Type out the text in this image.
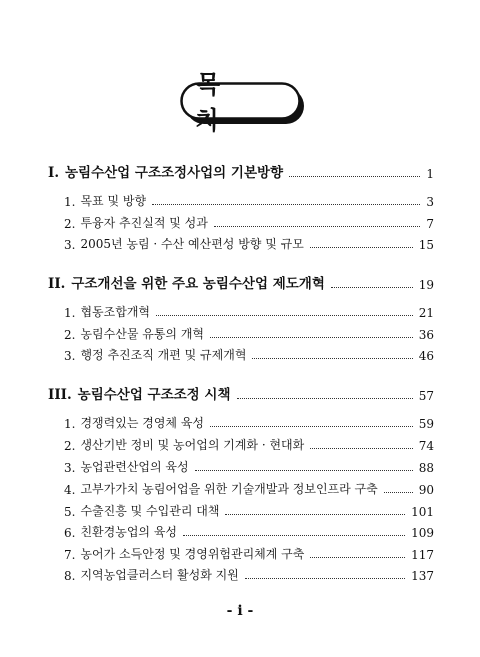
목 차
I. 농림수산업 구조조정사업의 기본방향	1
1. 목표 및 방향	3
2. 투융자 추진실적 및 성과	7
3. 2005년 농림 · 수산 예산편성 방향 및 규모	15
II. 구조개선을 위한 주요 농림수산업 제도개혁	19
1. 협동조합개혁	21
2. 농림수산물 유통의 개혁	36
3. 행정 추진조직 개편 및 규제개혁	46
III. 농림수산업 구조조정 시책	57
1. 경쟁력있는 경영체 육성	59
2. 생산기반 정비 및 농어업의 기계화 · 현대화	74
3. 농업관련산업의 육성	88
4. 고부가가치 농림어업을 위한 기술개발과 정보인프라 구축	90
5. 수출진흥 및 수입관리 대책	101
6. 친환경농업의 육성	109
7. 농어가 소득안정 및 경영위험관리체계 구축	117
8. 지역농업클러스터 활성화 지원	137
- i -
